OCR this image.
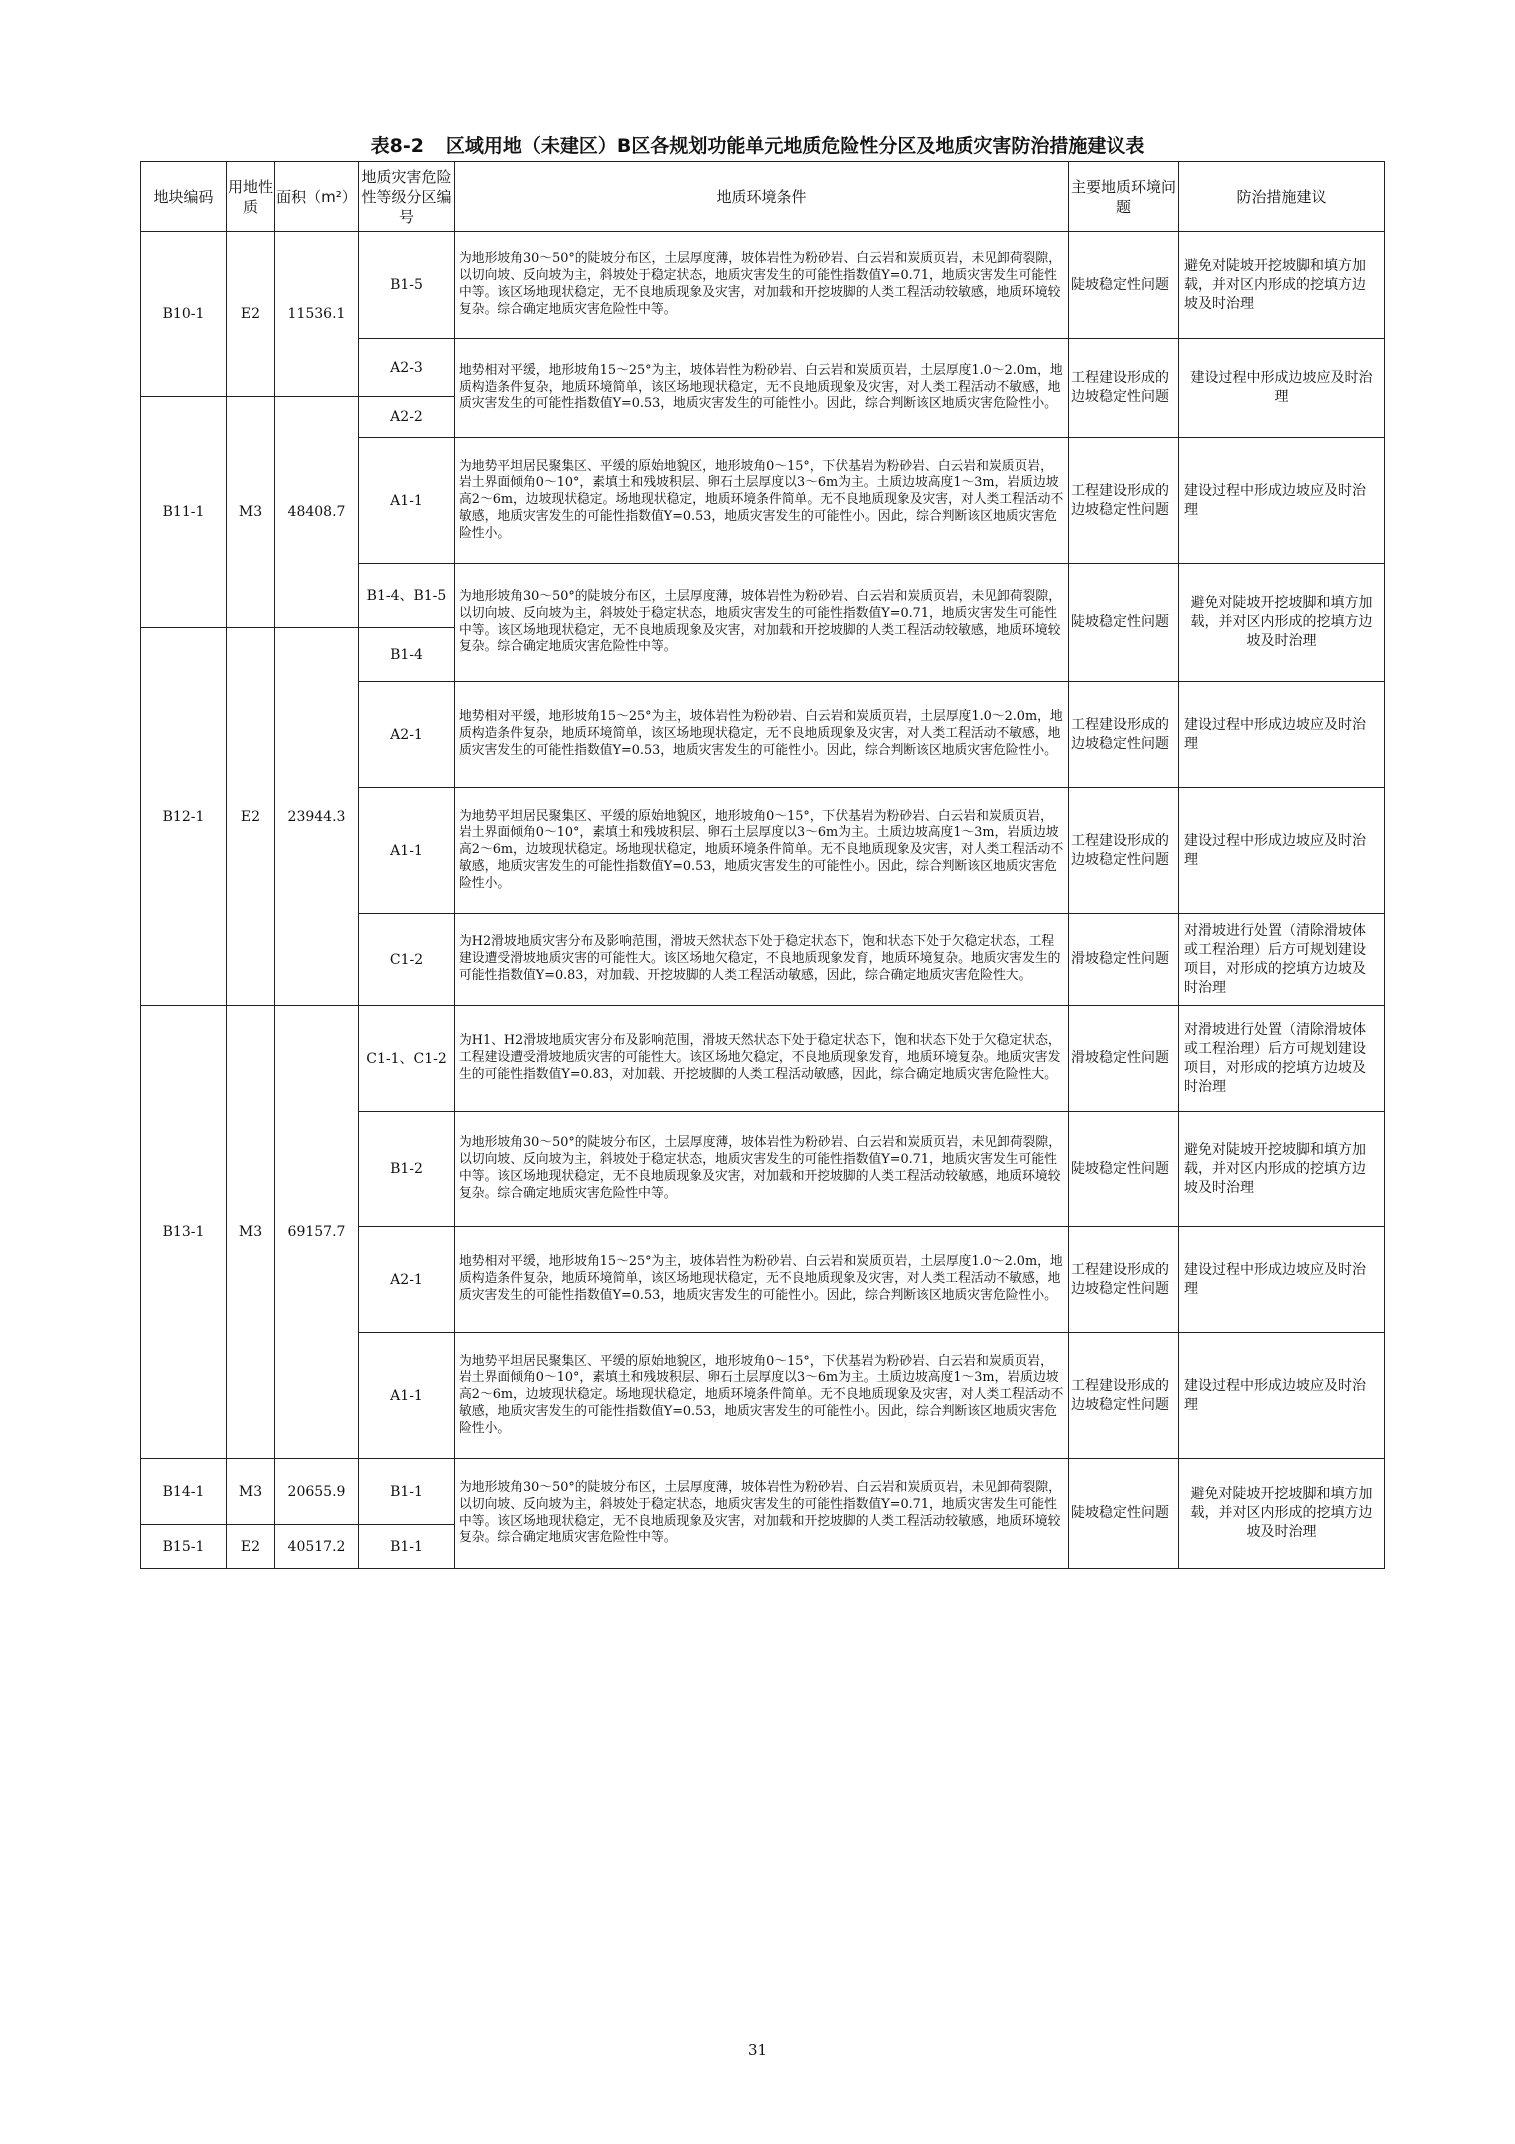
表8-2 区域用地（未建区）B区各规划功能单元地质危险性分区及地质灾害防治措施建议表
地块编码	用地性质	面积（m²）	地质灾害危险性等级分区编号	地质环境条件	主要地质环境问题	防治措施建议
B10-1	E2	11536.1	B1-5	为地形坡角30～50°的陡坡分布区，土层厚度薄，坡体岩性为粉砂岩、白云岩和炭质页岩，未见卸荷裂隙，以切向坡、反向坡为主，斜坡处于稳定状态，地质灾害发生的可能性指数值Y=0.71，地质灾害发生可能性中等。该区场地现状稳定，无不良地质现象及灾害，对加载和开挖坡脚的人类工程活动较敏感，地质环境较复杂。综合确定地质灾害危险性中等。	陡坡稳定性问题	避免对陡坡开挖坡脚和填方加载，并对区内形成的挖填方边坡及时治理
			A2-3	地势相对平缓，地形坡角15～25°为主，坡体岩性为粉砂岩、白云岩和炭质页岩，土层厚度1.0～2.0m，地质构造条件复杂，地质环境简单，该区场地现状稳定，无不良地质现象及灾害，对人类工程活动不敏感，地质灾害发生的可能性指数值Y=0.53，地质灾害发生的可能性小。因此，综合判断该区地质灾害危险性小。	工程建设形成的边坡稳定性问题	建设过程中形成边坡应及时治理
B11-1	M3	48408.7	A2-2			
			A1-1	为地势平坦居民聚集区、平缓的原始地貌区，地形坡角0～15°，下伏基岩为粉砂岩、白云岩和炭质页岩，岩土界面倾角0～10°，素填土和残坡积层、卵石土层厚度以3～6m为主。土质边坡高度1～3m，岩质边坡高2～6m，边坡现状稳定。场地现状稳定，地质环境条件简单。无不良地质现象及灾害，对人类工程活动不敏感，地质灾害发生的可能性指数值Y=0.53，地质灾害发生的可能性小。因此，综合判断该区地质灾害危险性小。	工程建设形成的边坡稳定性问题	建设过程中形成边坡应及时治理
			B1-4、B1-5	为地形坡角30～50°的陡坡分布区，土层厚度薄，坡体岩性为粉砂岩、白云岩和炭质页岩，未见卸荷裂隙，以切向坡、反向坡为主，斜坡处于稳定状态，地质灾害发生的可能性指数值Y=0.71，地质灾害发生可能性中等。该区场地现状稳定，无不良地质现象及灾害，对加载和开挖坡脚的人类工程活动较敏感，地质环境较复杂。综合确定地质灾害危险性中等。	陡坡稳定性问题	避免对陡坡开挖坡脚和填方加载，并对区内形成的挖填方边坡及时治理
B12-1	E2	23944.3	B1-4			
			A2-1	地势相对平缓，地形坡角15～25°为主，坡体岩性为粉砂岩、白云岩和炭质页岩，土层厚度1.0～2.0m，地质构造条件复杂，地质环境简单，该区场地现状稳定，无不良地质现象及灾害，对人类工程活动不敏感，地质灾害发生的可能性指数值Y=0.53，地质灾害发生的可能性小。因此，综合判断该区地质灾害危险性小。	工程建设形成的边坡稳定性问题	建设过程中形成边坡应及时治理
			A1-1	为地势平坦居民聚集区、平缓的原始地貌区，地形坡角0～15°，下伏基岩为粉砂岩、白云岩和炭质页岩，岩土界面倾角0～10°，素填土和残坡积层、卵石土层厚度以3～6m为主。土质边坡高度1～3m，岩质边坡高2～6m，边坡现状稳定。场地现状稳定，地质环境条件简单。无不良地质现象及灾害，对人类工程活动不敏感，地质灾害发生的可能性指数值Y=0.53，地质灾害发生的可能性小。因此，综合判断该区地质灾害危险性小。	工程建设形成的边坡稳定性问题	建设过程中形成边坡应及时治理
			C1-2	为H2滑坡地质灾害分布及影响范围，滑坡天然状态下处于稳定状态下，饱和状态下处于欠稳定状态，工程建设遭受滑坡地质灾害的可能性大。该区场地欠稳定，不良地质现象发育，地质环境复杂。地质灾害发生的可能性指数值Y=0.83，对加载、开挖坡脚的人类工程活动敏感，因此，综合确定地质灾害危险性大。	滑坡稳定性问题	对滑坡进行处置（清除滑坡体或工程治理）后方可规划建设项目，对形成的挖填方边坡及时治理
B13-1	M3	69157.7	C1-1、C1-2	为H1、H2滑坡地质灾害分布及影响范围，滑坡天然状态下处于稳定状态下，饱和状态下处于欠稳定状态，工程建设遭受滑坡地质灾害的可能性大。该区场地欠稳定，不良地质现象发育，地质环境复杂。地质灾害发生的可能性指数值Y=0.83，对加载、开挖坡脚的人类工程活动敏感，因此，综合确定地质灾害危险性大。	滑坡稳定性问题	对滑坡进行处置（清除滑坡体或工程治理）后方可规划建设项目，对形成的挖填方边坡及时治理
			B1-2	为地形坡角30～50°的陡坡分布区，土层厚度薄，坡体岩性为粉砂岩、白云岩和炭质页岩，未见卸荷裂隙，以切向坡、反向坡为主，斜坡处于稳定状态，地质灾害发生的可能性指数值Y=0.71，地质灾害发生可能性中等。该区场地现状稳定，无不良地质现象及灾害，对加载和开挖坡脚的人类工程活动较敏感，地质环境较复杂。综合确定地质灾害危险性中等。	陡坡稳定性问题	避免对陡坡开挖坡脚和填方加载，并对区内形成的挖填方边坡及时治理
			A2-1	地势相对平缓，地形坡角15～25°为主，坡体岩性为粉砂岩、白云岩和炭质页岩，土层厚度1.0～2.0m，地质构造条件复杂，地质环境简单，该区场地现状稳定，无不良地质现象及灾害，对人类工程活动不敏感，地质灾害发生的可能性指数值Y=0.53，地质灾害发生的可能性小。因此，综合判断该区地质灾害危险性小。	工程建设形成的边坡稳定性问题	建设过程中形成边坡应及时治理
			A1-1	为地势平坦居民聚集区、平缓的原始地貌区，地形坡角0～15°，下伏基岩为粉砂岩、白云岩和炭质页岩，岩土界面倾角0～10°，素填土和残坡积层、卵石土层厚度以3～6m为主。土质边坡高度1～3m，岩质边坡高2～6m，边坡现状稳定。场地现状稳定，地质环境条件简单。无不良地质现象及灾害，对人类工程活动不敏感，地质灾害发生的可能性指数值Y=0.53，地质灾害发生的可能性小。因此，综合判断该区地质灾害危险性小。	工程建设形成的边坡稳定性问题	建设过程中形成边坡应及时治理
B14-1	M3	20655.9	B1-1	为地形坡角30～50°的陡坡分布区，土层厚度薄，坡体岩性为粉砂岩、白云岩和炭质页岩，未见卸荷裂隙，以切向坡、反向坡为主，斜坡处于稳定状态，地质灾害发生的可能性指数值Y=0.71，地质灾害发生可能性中等。该区场地现状稳定，无不良地质现象及灾害，对加载和开挖坡脚的人类工程活动较敏感，地质环境较复杂。综合确定地质灾害危险性中等。	陡坡稳定性问题	避免对陡坡开挖坡脚和填方加载，并对区内形成的挖填方边坡及时治理
B15-1	E2	40517.2	B1-1			
31
